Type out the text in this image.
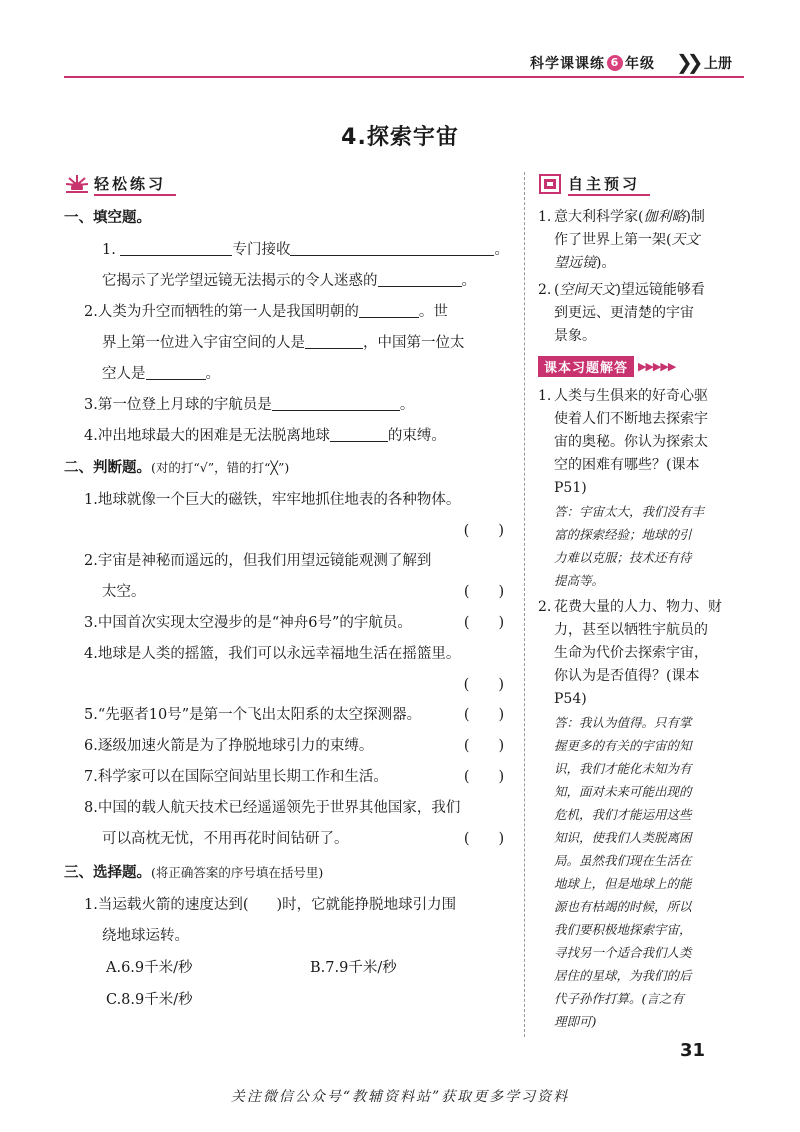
科学课课练 6 年级 ❯❯ 上册
4.探索宇宙
轻松练习
一、填空题。
1.	专门接收	。
它揭示了光学望远镜无法揭示的令人迷惑的	。
2.人类为升空而牺牲的第一人是我国明朝的	。世
界上第一位进入宇宙空间的人是	，中国第一位太
空人是	。
3.第一位登上月球的宇航员是	。
4.冲出地球最大的困难是无法脱离地球	的束缚。
二、判断题。(对的打“√”，错的打“╳”)
1.地球就像一个巨大的磁铁，牢牢地抓住地表的各种物体。
(　　)
2.宇宙是神秘而遥远的，但我们用望远镜能观测了解到
太空。	(　　)
3.中国首次实现太空漫步的是“神舟6号”的宇航员。	(　　)
4.地球是人类的摇篮，我们可以永远幸福地生活在摇篮里。
(　　)
5.“先驱者10号”是第一个飞出太阳系的太空探测器。	(　　)
6.逐级加速火箭是为了挣脱地球引力的束缚。	(　　)
7.科学家可以在国际空间站里长期工作和生活。	(　　)
8.中国的载人航天技术已经遥遥领先于世界其他国家，我们
可以高枕无忧，不用再花时间钻研了。	(　　)
三、选择题。(将正确答案的序号填在括号里)
1.当运载火箭的速度达到( )时，它就能挣脱地球引力围
绕地球运转。
A.6.9千米/秒	B.7.9千米/秒
C.8.9千米/秒
自主预习
1. 意大利科学家(伽利略)制
作了世界上第一架(天文
望远镜)。
2. (空间天文)望远镜能够看
到更远、更清楚的宇宙
景象。
课本习题解答 ▶▶▶▶▶
1. 人类与生俱来的好奇心驱
使着人们不断地去探索宇
宙的奥秘。你认为探索太
空的困难有哪些？(课本
P51)
答：宇宙太大，我们没有丰
富的探索经验；地球的引
力难以克服；技术还有待
提高等。
2. 花费大量的人力、物力、财
力，甚至以牺牲宇航员的
生命为代价去探索宇宙，
你认为是否值得？(课本
P54)
答：我认为值得。只有掌
握更多的有关的宇宙的知
识，我们才能化未知为有
知，面对未来可能出现的
危机，我们才能运用这些
知识，使我们人类脱离困
局。虽然我们现在生活在
地球上，但是地球上的能
源也有枯竭的时候，所以
我们要积极地探索宇宙，
寻找另一个适合我们人类
居住的星球，为我们的后
代子孙作打算。(言之有
理即可)
31
关注微信公众号“教辅资料站”获取更多学习资料
